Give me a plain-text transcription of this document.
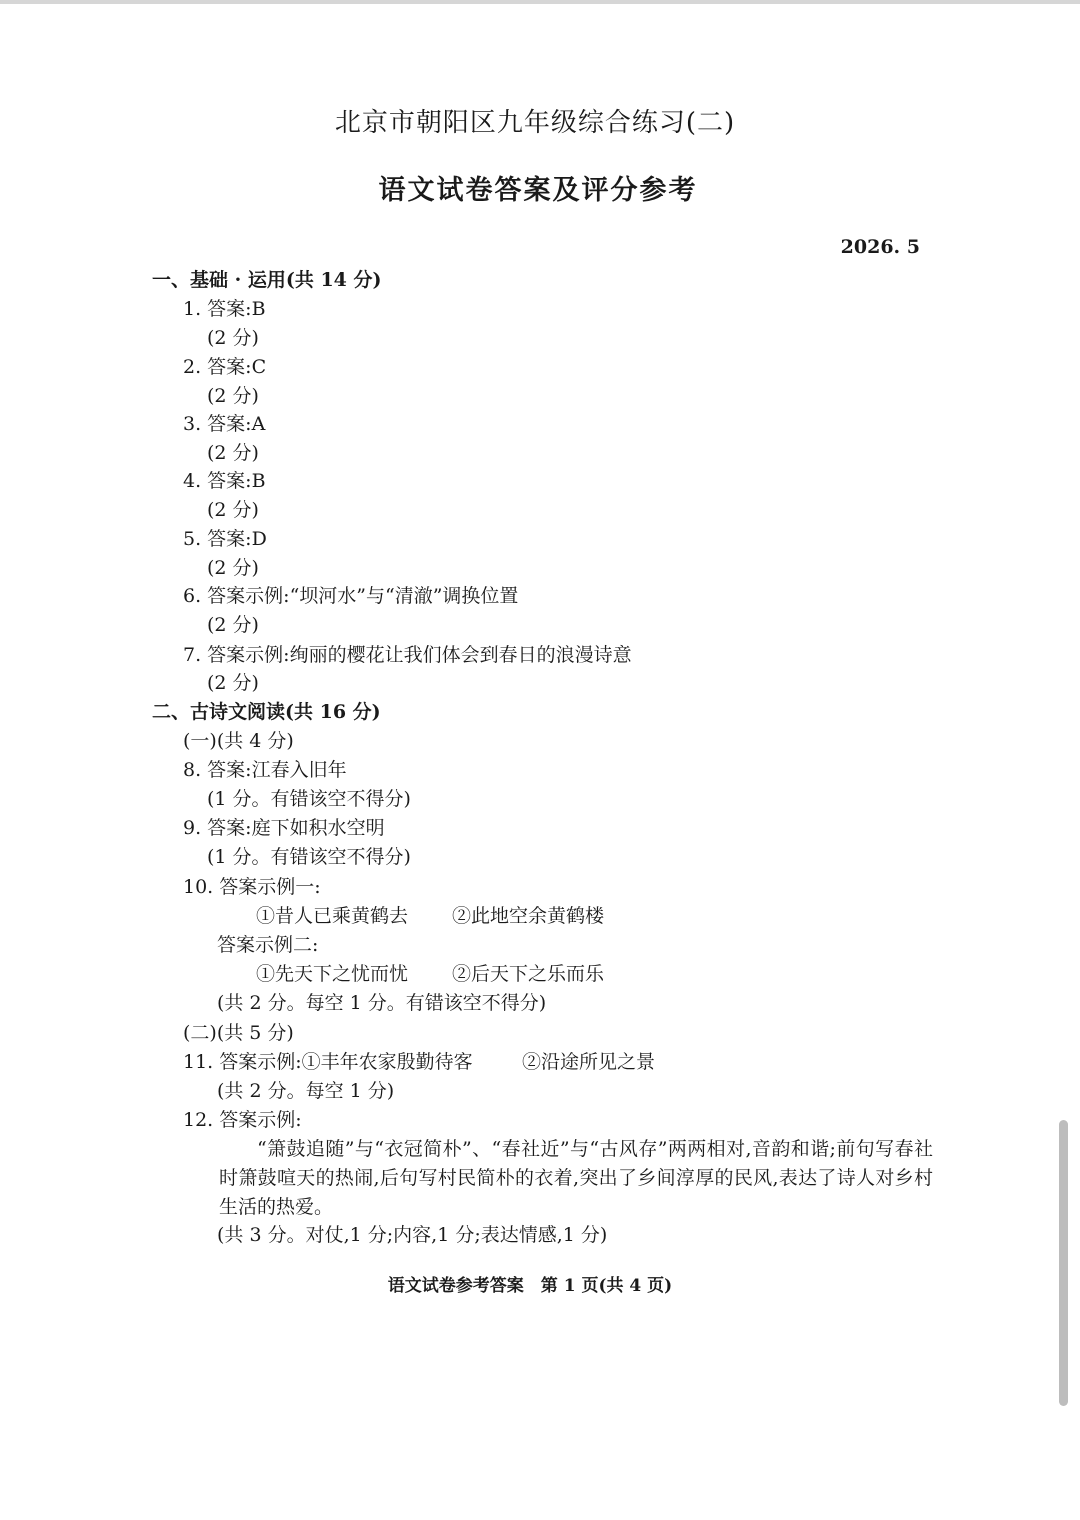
北京市朝阳区九年级综合练习(二)
语文试卷答案及评分参考
2026. 5
一、基础 · 运用(共 14 分)
1. 答案:B
(2 分)
2. 答案:C
(2 分)
3. 答案:A
(2 分)
4. 答案:B
(2 分)
5. 答案:D
(2 分)
6. 答案示例:“坝河水”与“清澈”调换位置
(2 分)
7. 答案示例:绚丽的樱花让我们体会到春日的浪漫诗意
(2 分)
二、古诗文阅读(共 16 分)
(一)(共 4 分)
8. 答案:江春入旧年
(1 分。有错该空不得分)
9. 答案:庭下如积水空明
(1 分。有错该空不得分)
10. 答案示例一:
①昔人已乘黄鹤去 ②此地空余黄鹤楼
答案示例二:
①先天下之忧而忧 ②后天下之乐而乐
(共 2 分。每空 1 分。有错该空不得分)
(二)(共 5 分)
11. 答案示例:①丰年农家殷勤待客	②沿途所见之景
(共 2 分。每空 1 分)
12. 答案示例:
“箫鼓追随”与“衣冠简朴”、“春社近”与“古风存”两两相对,音韵和谐;前句写春社时箫鼓喧天的热闹,后句写村民简朴的衣着,突出了乡间淳厚的民风,表达了诗人对乡村生活的热爱。
(共 3 分。对仗,1 分;内容,1 分;表达情感,1 分)
语文试卷参考答案　第 1 页(共 4 页)
